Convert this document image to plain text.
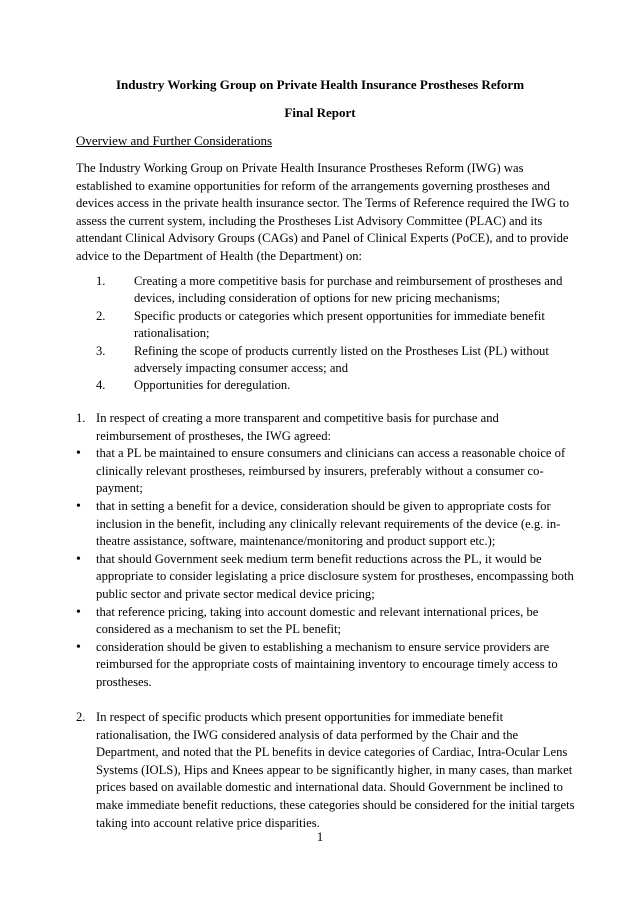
Industry Working Group on Private Health Insurance Prostheses Reform
Final Report
Overview and Further Considerations
The Industry Working Group on Private Health Insurance Prostheses Reform (IWG) was established to examine opportunities for reform of the arrangements governing prostheses and devices access in the private health insurance sector. The Terms of Reference required the IWG to assess the current system, including the Prostheses List Advisory Committee (PLAC) and its attendant Clinical Advisory Groups (CAGs) and Panel of Clinical Experts (PoCE), and to provide advice to the Department of Health (the Department) on:
1.	Creating a more competitive basis for purchase and reimbursement of prostheses and devices, including consideration of options for new pricing mechanisms;
2.	Specific products or categories which present opportunities for immediate benefit rationalisation;
3.	Refining the scope of products currently listed on the Prostheses List (PL) without adversely impacting consumer access; and
4.	Opportunities for deregulation.
1. In respect of creating a more transparent and competitive basis for purchase and reimbursement of prostheses, the IWG agreed:
•	that a PL be maintained to ensure consumers and clinicians can access a reasonable choice of clinically relevant prostheses, reimbursed by insurers, preferably without a consumer co-payment;
•	that in setting a benefit for a device, consideration should be given to appropriate costs for inclusion in the benefit, including any clinically relevant requirements of the device (e.g. in-theatre assistance, software, maintenance/monitoring and product support etc.);
•	that should Government seek medium term benefit reductions across the PL, it would be appropriate to consider legislating a price disclosure system for prostheses, encompassing both public sector and private sector medical device pricing;
•	that reference pricing, taking into account domestic and relevant international prices, be considered as a mechanism to set the PL benefit;
•	consideration should be given to establishing a mechanism to ensure service providers are reimbursed for the appropriate costs of maintaining inventory to encourage timely access to prostheses.
2. In respect of specific products which present opportunities for immediate benefit rationalisation, the IWG considered analysis of data performed by the Chair and the Department, and noted that the PL benefits in device categories of Cardiac, Intra-Ocular Lens Systems (IOLS), Hips and Knees appear to be significantly higher, in many cases, than market prices based on available domestic and international data. Should Government be inclined to make immediate benefit reductions, these categories should be considered for the initial targets taking into account relative price disparities.
1
